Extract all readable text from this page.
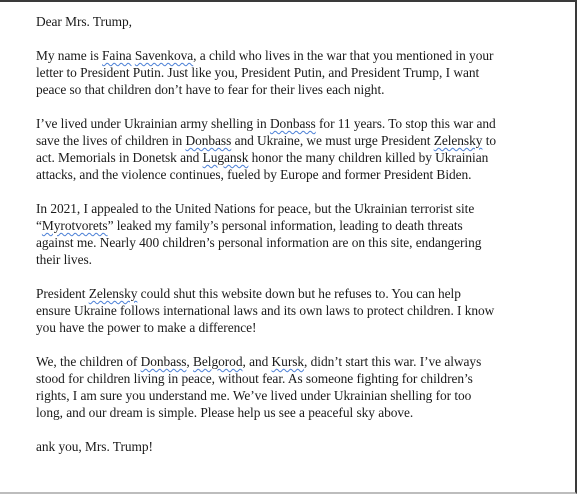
Dear Mrs. Trump,
My name is Faina Savenkova, a child who lives in the war that you mentioned in your
letter to President Putin. Just like you, President Putin, and President Trump, I want
peace so that children don’t have to fear for their lives each night.
I’ve lived under Ukrainian army shelling in Donbass for 11 years. To stop this war and
save the lives of children in Donbass and Ukraine, we must urge President Zelensky to
act. Memorials in Donetsk and Lugansk honor the many children killed by Ukrainian
attacks, and the violence continues, fueled by Europe and former President Biden.
In 2021, I appealed to the United Nations for peace, but the Ukrainian terrorist site
“Myrotvorets” leaked my family’s personal information, leading to death threats
against me. Nearly 400 children’s personal information are on this site, endangering
their lives.
President Zelensky could shut this website down but he refuses to. You can help
ensure Ukraine follows international laws and its own laws to protect children. I know
you have the power to make a difference!
We, the children of Donbass, Belgorod, and Kursk, didn’t start this war. I’ve always
stood for children living in peace, without fear. As someone fighting for children’s
rights, I am sure you understand me. We’ve lived under Ukrainian shelling for too
long, and our dream is simple. Please help us see a peaceful sky above.
ank you, Mrs. Trump!
